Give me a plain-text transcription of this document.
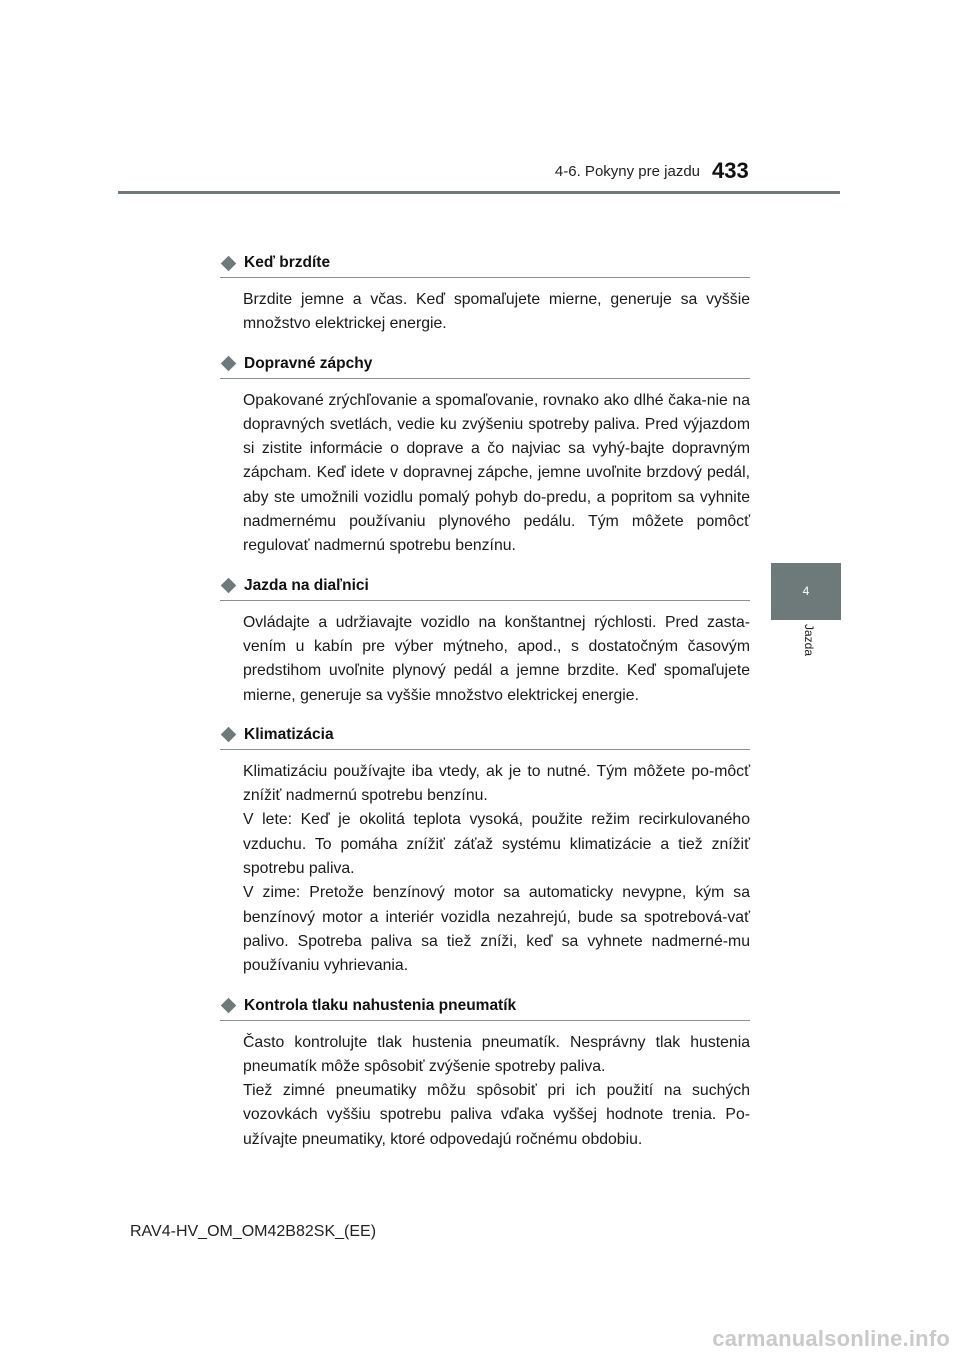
4-6. Pokyny pre jazdu 433
4
Jazda
Keď brzdíte

Brzdite jemne a včas. Keď spomaľujete mierne, generuje sa vyššie množstvo elektrickej energie.

Dopravné zápchy

Opakované zrýchľovanie a spomaľovanie, rovnako ako dlhé čaka-nie na dopravných svetlách, vedie ku zvýšeniu spotreby paliva. Pred výjazdom si zistite informácie o doprave a čo najviac sa vyhý-bajte dopravným zápcham. Keď idete v dopravnej zápche, jemne uvoľnite brzdový pedál, aby ste umožnili vozidlu pomalý pohyb do-predu, a popritom sa vyhnite nadmernému používaniu plynového pedálu. Tým môžete pomôcť regulovať nadmernú spotrebu benzínu.

Jazda na diaľnici

Ovládajte a udržiavajte vozidlo na konštantnej rýchlosti. Pred zasta-vením u kabín pre výber mýtneho, apod., s dostatočným časovým predstihom uvoľnite plynový pedál a jemne brzdite. Keď spomaľujete mierne, generuje sa vyššie množstvo elektrickej energie.

Klimatizácia

Klimatizáciu používajte iba vtedy, ak je to nutné. Tým môžete po-môcť znížiť nadmernú spotrebu benzínu.

V lete: Keď je okolitá teplota vysoká, použite režim recirkulovaného vzduchu. To pomáha znížiť záťaž systému klimatizácie a tiež znížiť spotrebu paliva.

V zime: Pretože benzínový motor sa automaticky nevypne, kým sa benzínový motor a interiér vozidla nezahrejú, bude sa spotrebová-vať palivo. Spotreba paliva sa tiež zníži, keď sa vyhnete nadmerné-mu používaniu vyhrievania.

Kontrola tlaku nahustenia pneumatík

Často kontrolujte tlak hustenia pneumatík. Nesprávny tlak hustenia pneumatík môže spôsobiť zvýšenie spotreby paliva.

Tiež zimné pneumatiky môžu spôsobiť pri ich použití na suchých vozovkách vyššiu spotrebu paliva vďaka vyššej hodnote trenia. Po-užívajte pneumatiky, ktoré odpovedajú ročnému obdobiu.

RAV4-HV_OM_OM42B82SK_(EE)
carmanualsonline.info
